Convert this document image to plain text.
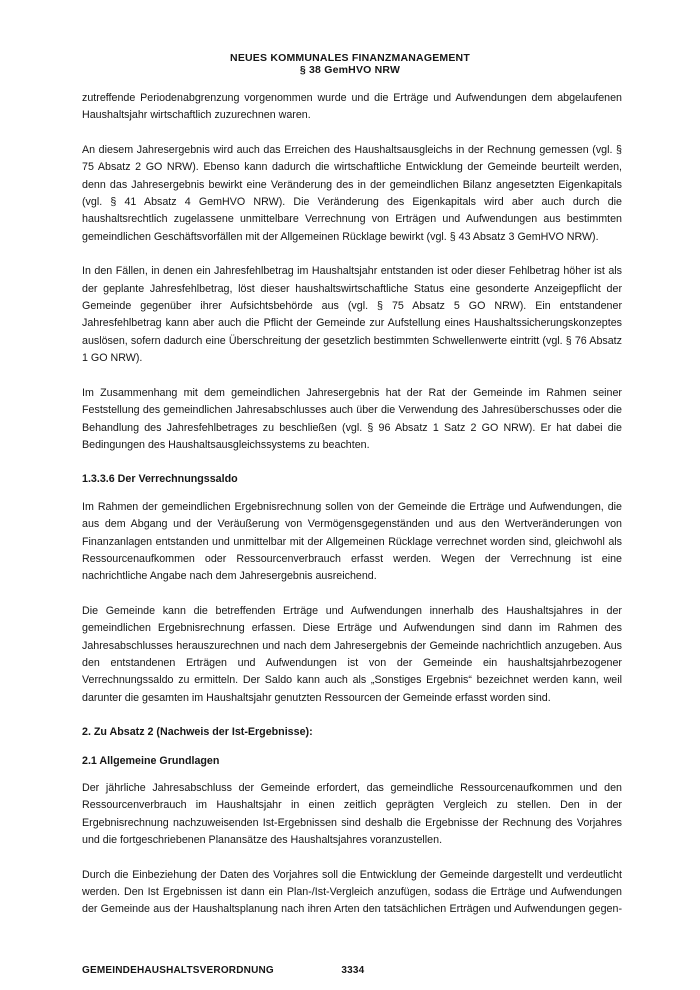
NEUES KOMMUNALES FINANZMANAGEMENT
§ 38 GemHVO NRW

zutreffende Periodenabgrenzung vorgenommen wurde und die Erträge und Aufwendungen dem abgelaufenen Haushaltsjahr wirtschaftlich zuzurechnen waren.

An diesem Jahresergebnis wird auch das Erreichen des Haushaltsausgleichs in der Rechnung gemessen (vgl. § 75 Absatz 2 GO NRW). Ebenso kann dadurch die wirtschaftliche Entwicklung der Gemeinde beurteilt werden, denn das Jahresergebnis bewirkt eine Veränderung des in der gemeindlichen Bilanz angesetzten Eigenkapitals (vgl. § 41 Absatz 4 GemHVO NRW). Die Veränderung des Eigenkapitals wird aber auch durch die haushaltsrechtlich zugelassene unmittelbare Verrechnung von Erträgen und Aufwendungen aus bestimmten gemeindlichen Geschäftsvorfällen mit der Allgemeinen Rücklage bewirkt (vgl. § 43 Absatz 3 GemHVO NRW).

In den Fällen, in denen ein Jahresfehlbetrag im Haushaltsjahr entstanden ist oder dieser Fehlbetrag höher ist als der geplante Jahresfehlbetrag, löst dieser haushaltswirtschaftliche Status eine gesonderte Anzeigepflicht der Gemeinde gegenüber ihrer Aufsichtsbehörde aus (vgl. § 75 Absatz 5 GO NRW). Ein entstandener Jahresfehlbetrag kann aber auch die Pflicht der Gemeinde zur Aufstellung eines Haushaltssicherungskonzeptes auslösen, sofern dadurch eine Überschreitung der gesetzlich bestimmten Schwellenwerte eintritt (vgl. § 76 Absatz 1 GO NRW).

Im Zusammenhang mit dem gemeindlichen Jahresergebnis hat der Rat der Gemeinde im Rahmen seiner Feststellung des gemeindlichen Jahresabschlusses auch über die Verwendung des Jahresüberschusses oder die Behandlung des Jahresfehlbetrages zu beschließen (vgl. § 96 Absatz 1 Satz 2 GO NRW). Er hat dabei die Bedingungen des Haushaltsausgleichssystems zu beachten.

1.3.3.6 Der Verrechnungssaldo

Im Rahmen der gemeindlichen Ergebnisrechnung sollen von der Gemeinde die Erträge und Aufwendungen, die aus dem Abgang und der Veräußerung von Vermögensgegenständen und aus den Wertveränderungen von Finanzanlagen entstanden und unmittelbar mit der Allgemeinen Rücklage verrechnet worden sind, gleichwohl als Ressourcenaufkommen oder Ressourcenverbrauch erfasst werden. Wegen der Verrechnung ist eine nachrichtliche Angabe nach dem Jahresergebnis ausreichend.

Die Gemeinde kann die betreffenden Erträge und Aufwendungen innerhalb des Haushaltsjahres in der gemeindlichen Ergebnisrechnung erfassen. Diese Erträge und Aufwendungen sind dann im Rahmen des Jahresabschlusses herauszurechnen und nach dem Jahresergebnis der Gemeinde nachrichtlich anzugeben. Aus den entstandenen Erträgen und Aufwendungen ist von der Gemeinde ein haushaltsjahrbezogener Verrechnungssaldo zu ermitteln. Der Saldo kann auch als „Sonstiges Ergebnis“ bezeichnet werden kann, weil darunter die gesamten im Haushaltsjahr genutzten Ressourcen der Gemeinde erfasst worden sind.

2. Zu Absatz 2 (Nachweis der Ist-Ergebnisse):
2.1 Allgemeine Grundlagen

Der jährliche Jahresabschluss der Gemeinde erfordert, das gemeindliche Ressourcenaufkommen und den Ressourcenverbrauch im Haushaltsjahr in einen zeitlich geprägten Vergleich zu stellen. Den in der Ergebnisrechnung nachzuweisenden Ist-Ergebnissen sind deshalb die Ergebnisse der Rechnung des Vorjahres und die fortgeschriebenen Planansätze des Haushaltsjahres voranzustellen.

Durch die Einbeziehung der Daten des Vorjahres soll die Entwicklung der Gemeinde dargestellt und verdeutlicht werden. Den Ist Ergebnissen ist dann ein Plan-/Ist-Vergleich anzufügen, sodass die Erträge und Aufwendungen der Gemeinde aus der Haushaltsplanung nach ihren Arten den tatsächlichen Erträgen und Aufwendungen gegen-

GEMEINDEHAUSHALTSVERORDNUNG	3334
